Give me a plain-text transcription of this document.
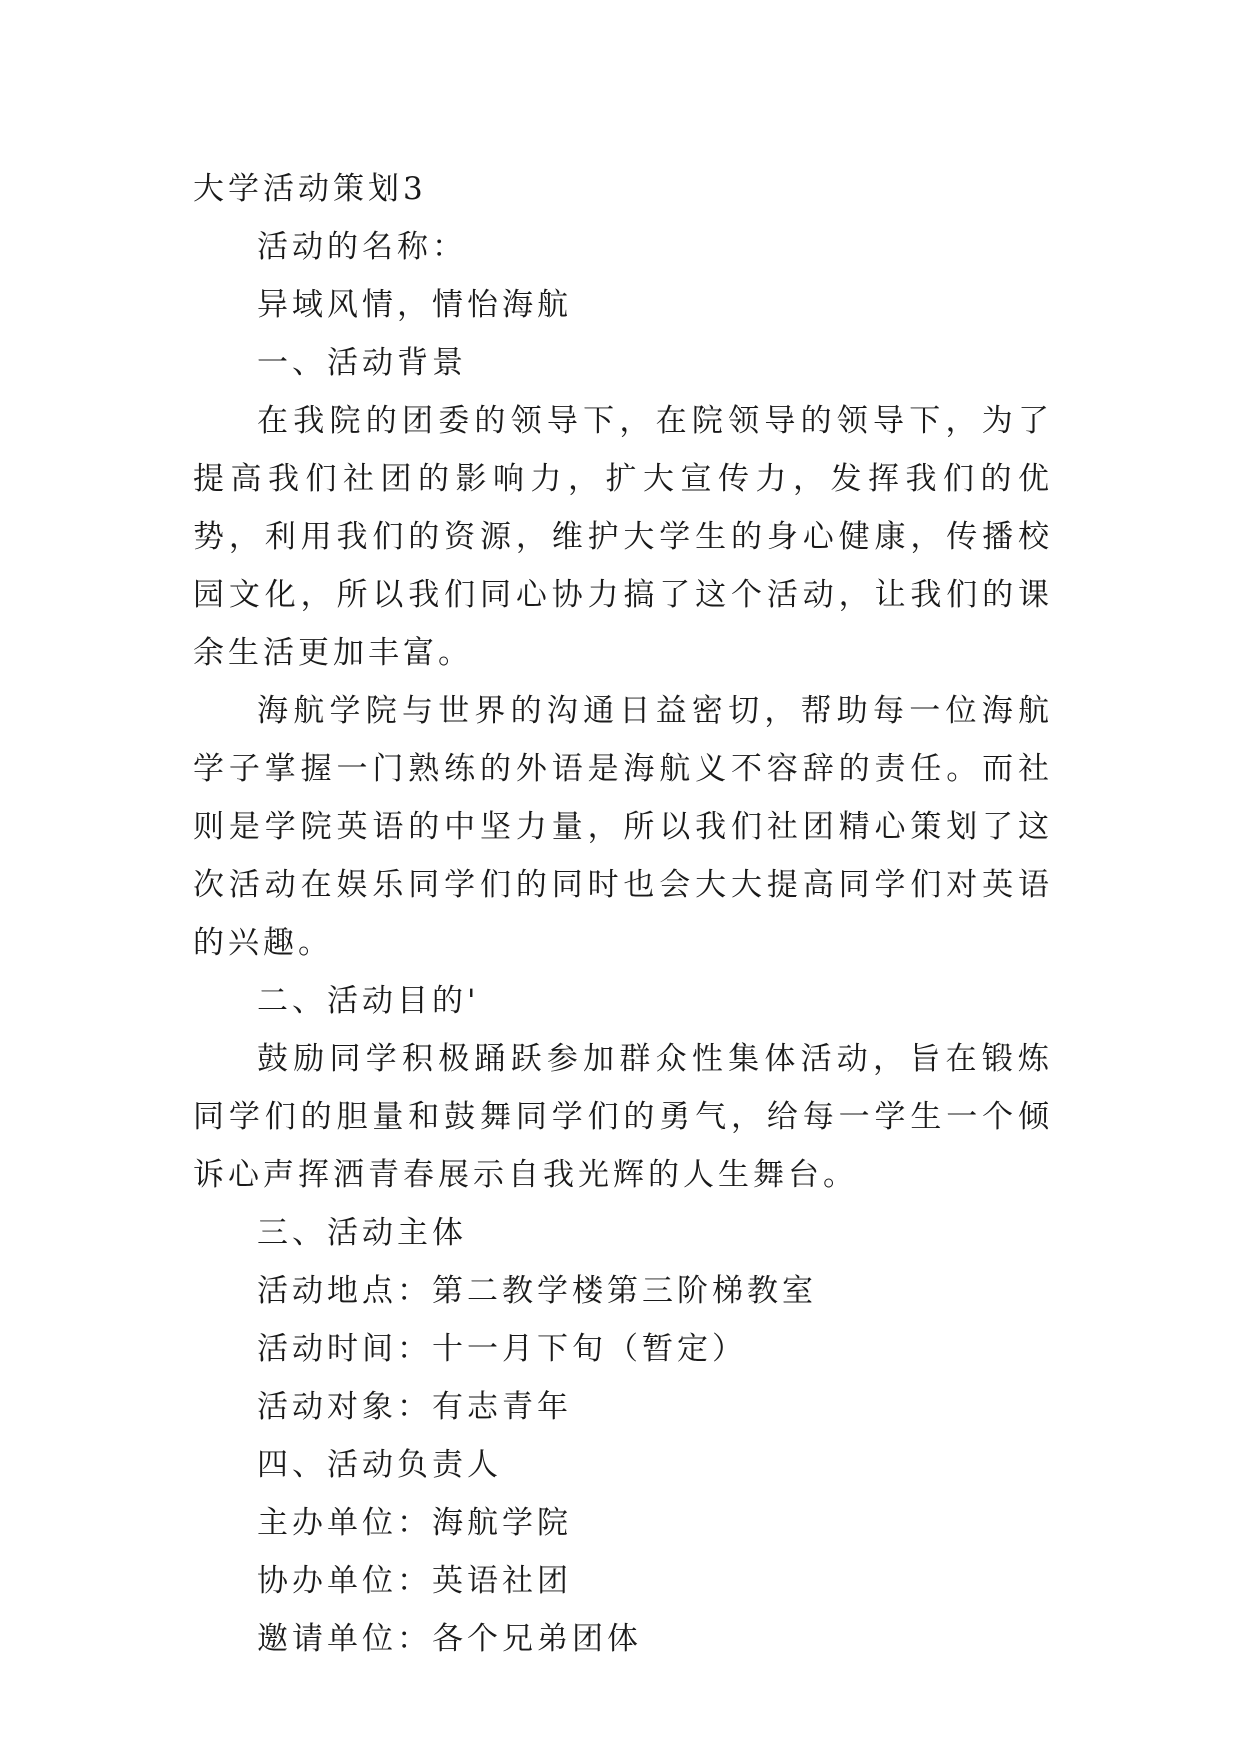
大学活动策划3

活动的名称：

异域风情，情怡海航

一、活动背景

在我院的团委的领导下，在院领导的领导下，为了提高我们社团的影响力，扩大宣传力，发挥我们的优势，利用我们的资源，维护大学生的身心健康，传播校园文化，所以我们同心协力搞了这个活动，让我们的课余生活更加丰富。

海航学院与世界的沟通日益密切，帮助每一位海航学子掌握一门熟练的外语是海航义不容辞的责任。而社则是学院英语的中坚力量，所以我们社团精心策划了这次活动在娱乐同学们的同时也会大大提高同学们对英语的兴趣。

二、活动目的'

鼓励同学积极踊跃参加群众性集体活动，旨在锻炼同学们的胆量和鼓舞同学们的勇气，给每一学生一个倾诉心声挥洒青春展示自我光辉的人生舞台。

三、活动主体

活动地点：第二教学楼第三阶梯教室

活动时间：十一月下旬（暂定）

活动对象：有志青年

四、活动负责人

主办单位：海航学院

协办单位：英语社团

邀请单位：各个兄弟团体
